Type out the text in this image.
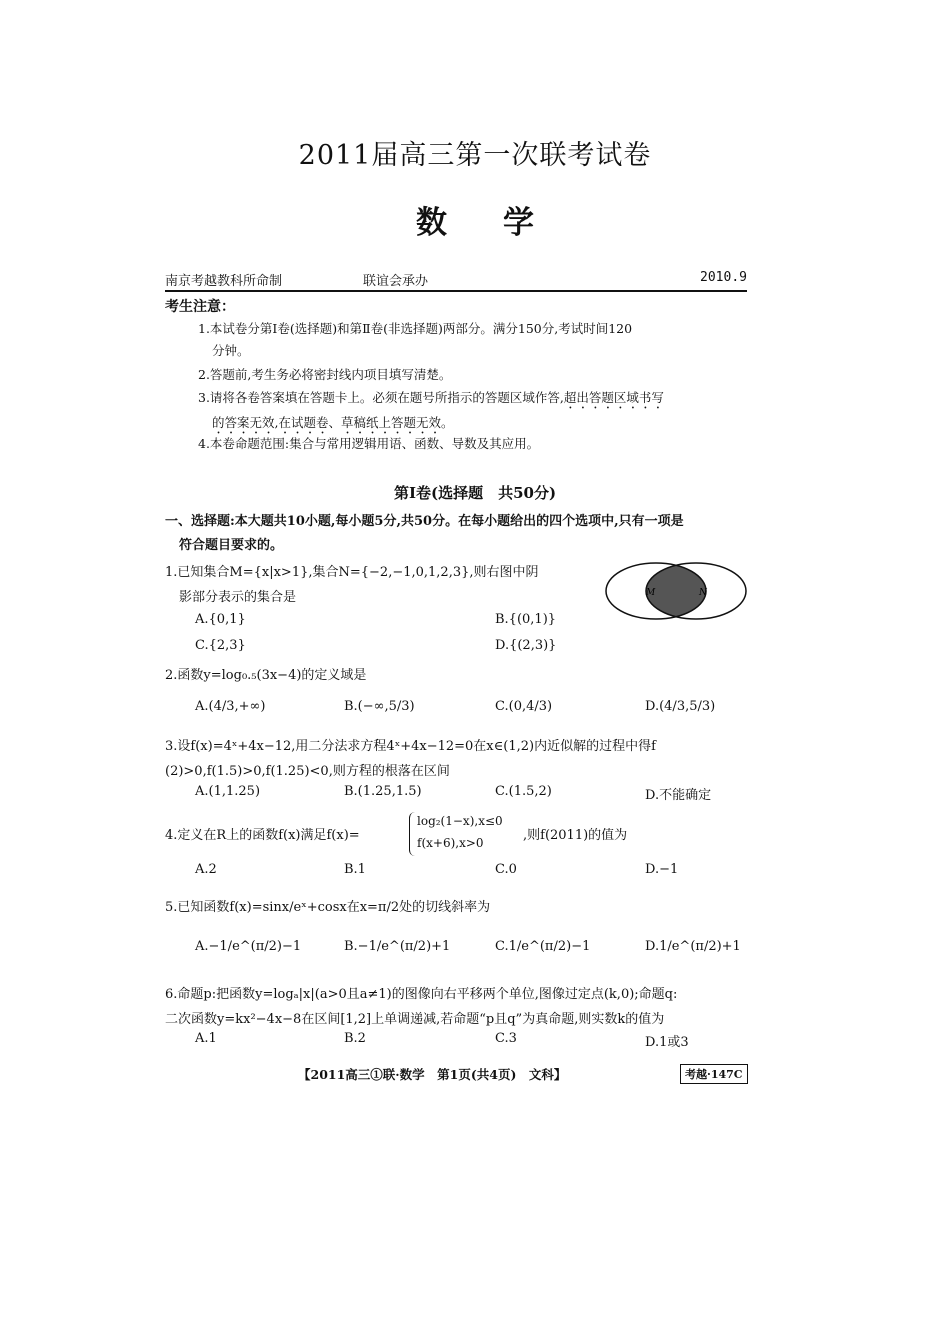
2011届高三第一次联考试卷
数 学
南京考越教科所命制	联谊会承办	2010.9
考生注意：
1.本试卷分第Ⅰ卷(选择题)和第Ⅱ卷(非选择题)两部分。满分150分,考试时间120
分钟。
2.答题前,考生务必将密封线内项目填写清楚。
3.请将各卷答案填在答题卡上。必须在题号所指示的答题区域作答,超出答题区域书写
的答案无效,在试题卷、草稿纸上答题无效。
4.本卷命题范围:集合与常用逻辑用语、函数、导数及其应用。
第Ⅰ卷(选择题　共50分)
一、选择题:本大题共10小题,每小题5分,共50分。在每小题给出的四个选项中,只有一项是
符合题目要求的。
1.已知集合M={x|x>1},集合N={−2,−1,0,1,2,3},则右图中阴
影部分表示的集合是	M	N
A.{0,1}	B.{(0,1)}
C.{2,3}	D.{(2,3)}
2.函数y=log₀.₅(3x−4)的定义域是
A.(4/3,+∞)	B.(−∞,5/3)	C.(0,4/3)	D.(4/3,5/3)
3.设f(x)=4ˣ+4x−12,用二分法求方程4ˣ+4x−12=0在x∈(1,2)内近似解的过程中得f
(2)>0,f(1.5)>0,f(1.25)<0,则方程的根落在区间
A.(1,1.25)	B.(1.25,1.5)	C.(1.5,2)	D.不能确定
4.定义在R上的函数f(x)满足f(x)=
log₂(1−x),x≤0
f(x+6),x>0	,则f(2011)的值为
A.2	B.1	C.0	D.−1
5.已知函数f(x)=sinx/eˣ+cosx在x=π/2处的切线斜率为
A.−1/e^(π/2)−1	B.−1/e^(π/2)+1	C.1/e^(π/2)−1	D.1/e^(π/2)+1
6.命题p:把函数y=logₐ|x|(a>0且a≠1)的图像向右平移两个单位,图像过定点(k,0);命题q:
二次函数y=kx²−4x−8在区间[1,2]上单调递减,若命题“p且q”为真命题,则实数k的值为
A.1	B.2	C.3	D.1或3
【2011高三①联·数学　第1页(共4页)　文科】	考越·147C
